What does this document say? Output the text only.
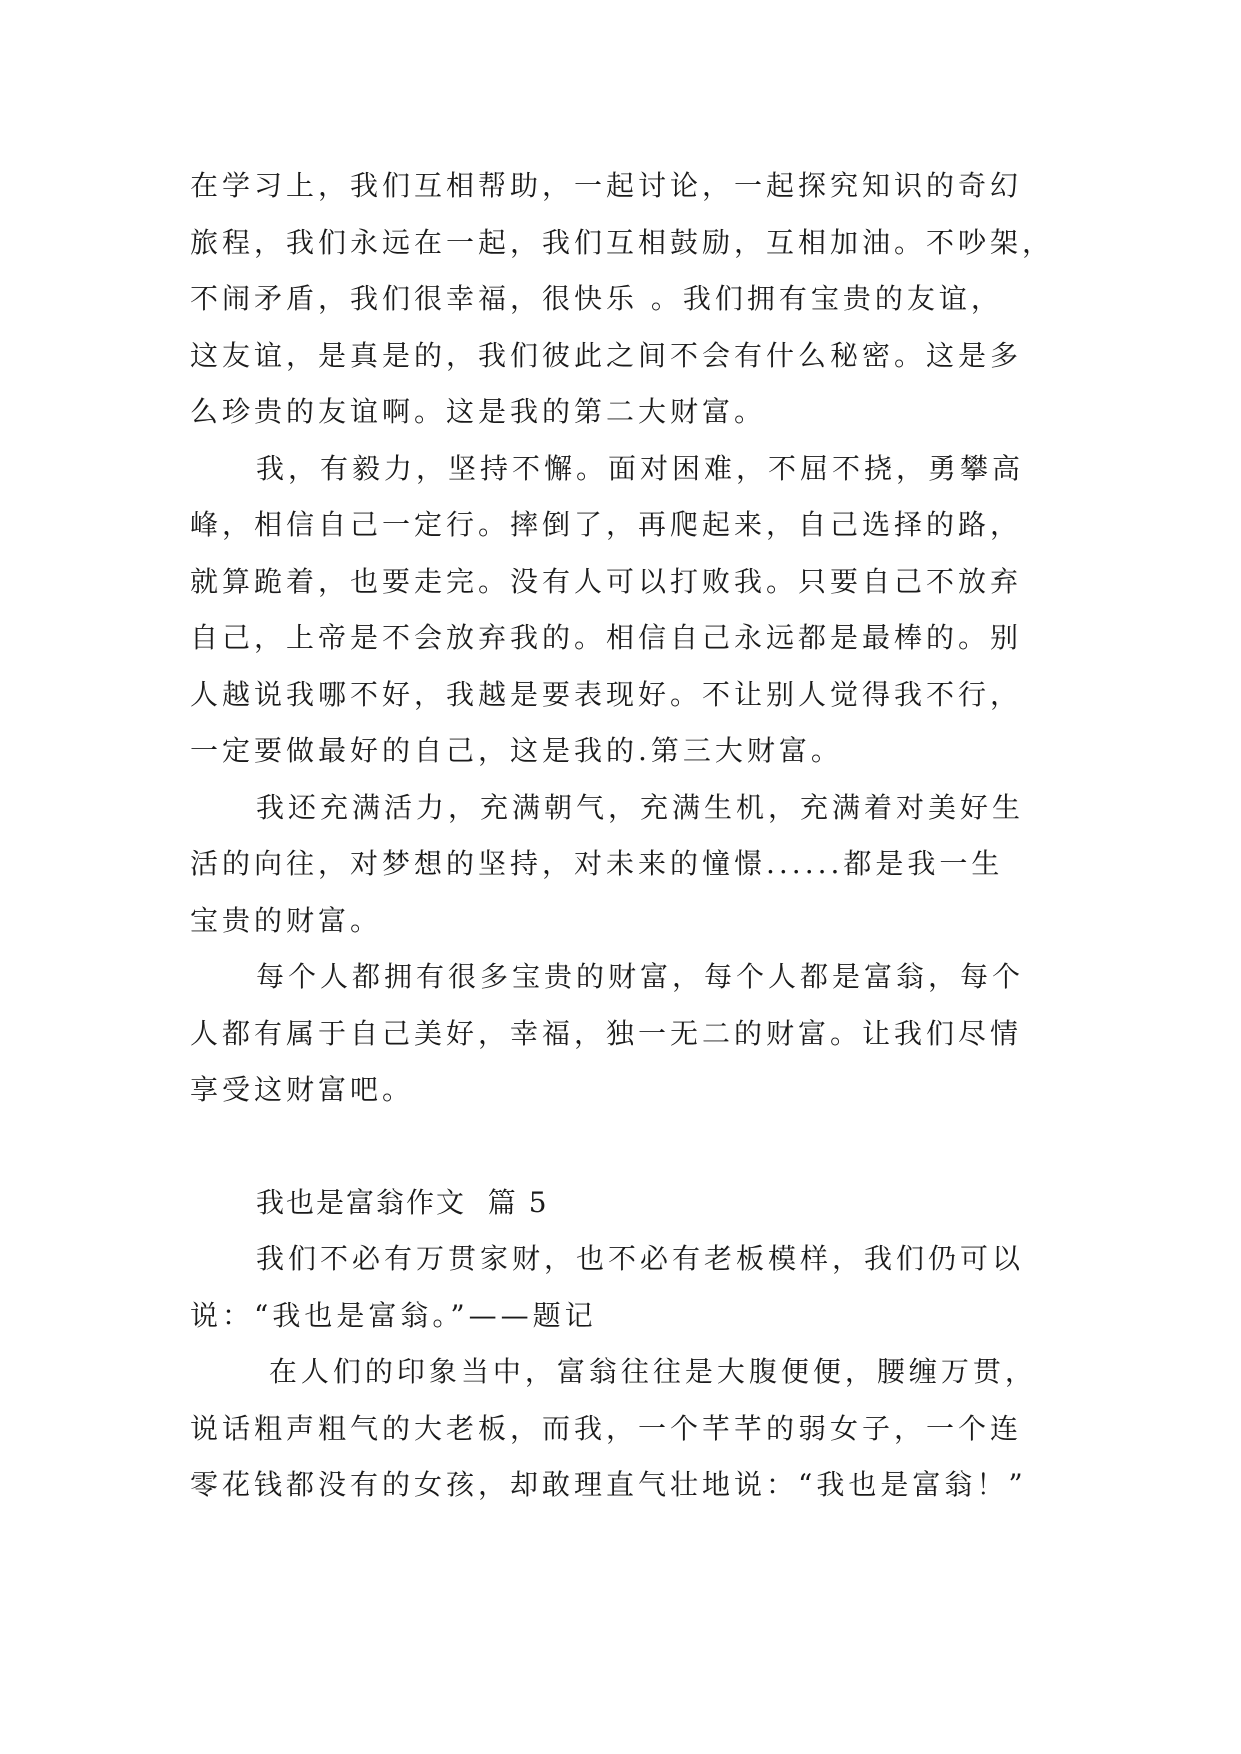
在学习上，我们互相帮助，一起讨论，一起探究知识的奇幻
旅程，我们永远在一起，我们互相鼓励，互相加油。不吵架，
不闹矛盾，我们很幸福，很快乐 。我们拥有宝贵的友谊，
这友谊，是真是的，我们彼此之间不会有什么秘密。这是多
么珍贵的友谊啊。这是我的第二大财富。
我，有毅力，坚持不懈。面对困难，不屈不挠，勇攀高
峰，相信自己一定行。摔倒了，再爬起来，自己选择的路，
就算跪着，也要走完。没有人可以打败我。只要自己不放弃
自己，上帝是不会放弃我的。相信自己永远都是最棒的。别
人越说我哪不好，我越是要表现好。不让别人觉得我不行，
一定要做最好的自己，这是我的.第三大财富。
我还充满活力，充满朝气，充满生机，充满着对美好生
活的向往，对梦想的坚持，对未来的憧憬......都是我一生
宝贵的财富。
每个人都拥有很多宝贵的财富，每个人都是富翁，每个
人都有属于自己美好，幸福，独一无二的财富。让我们尽情
享受这财富吧。
我也是富翁作文  篇 5
我们不必有万贯家财，也不必有老板模样，我们仍可以
说：“我也是富翁。”——题记
在人们的印象当中，富翁往往是大腹便便，腰缠万贯，
说话粗声粗气的大老板，而我，一个芊芊的弱女子，一个连
零花钱都没有的女孩，却敢理直气壮地说：“我也是富翁！”
